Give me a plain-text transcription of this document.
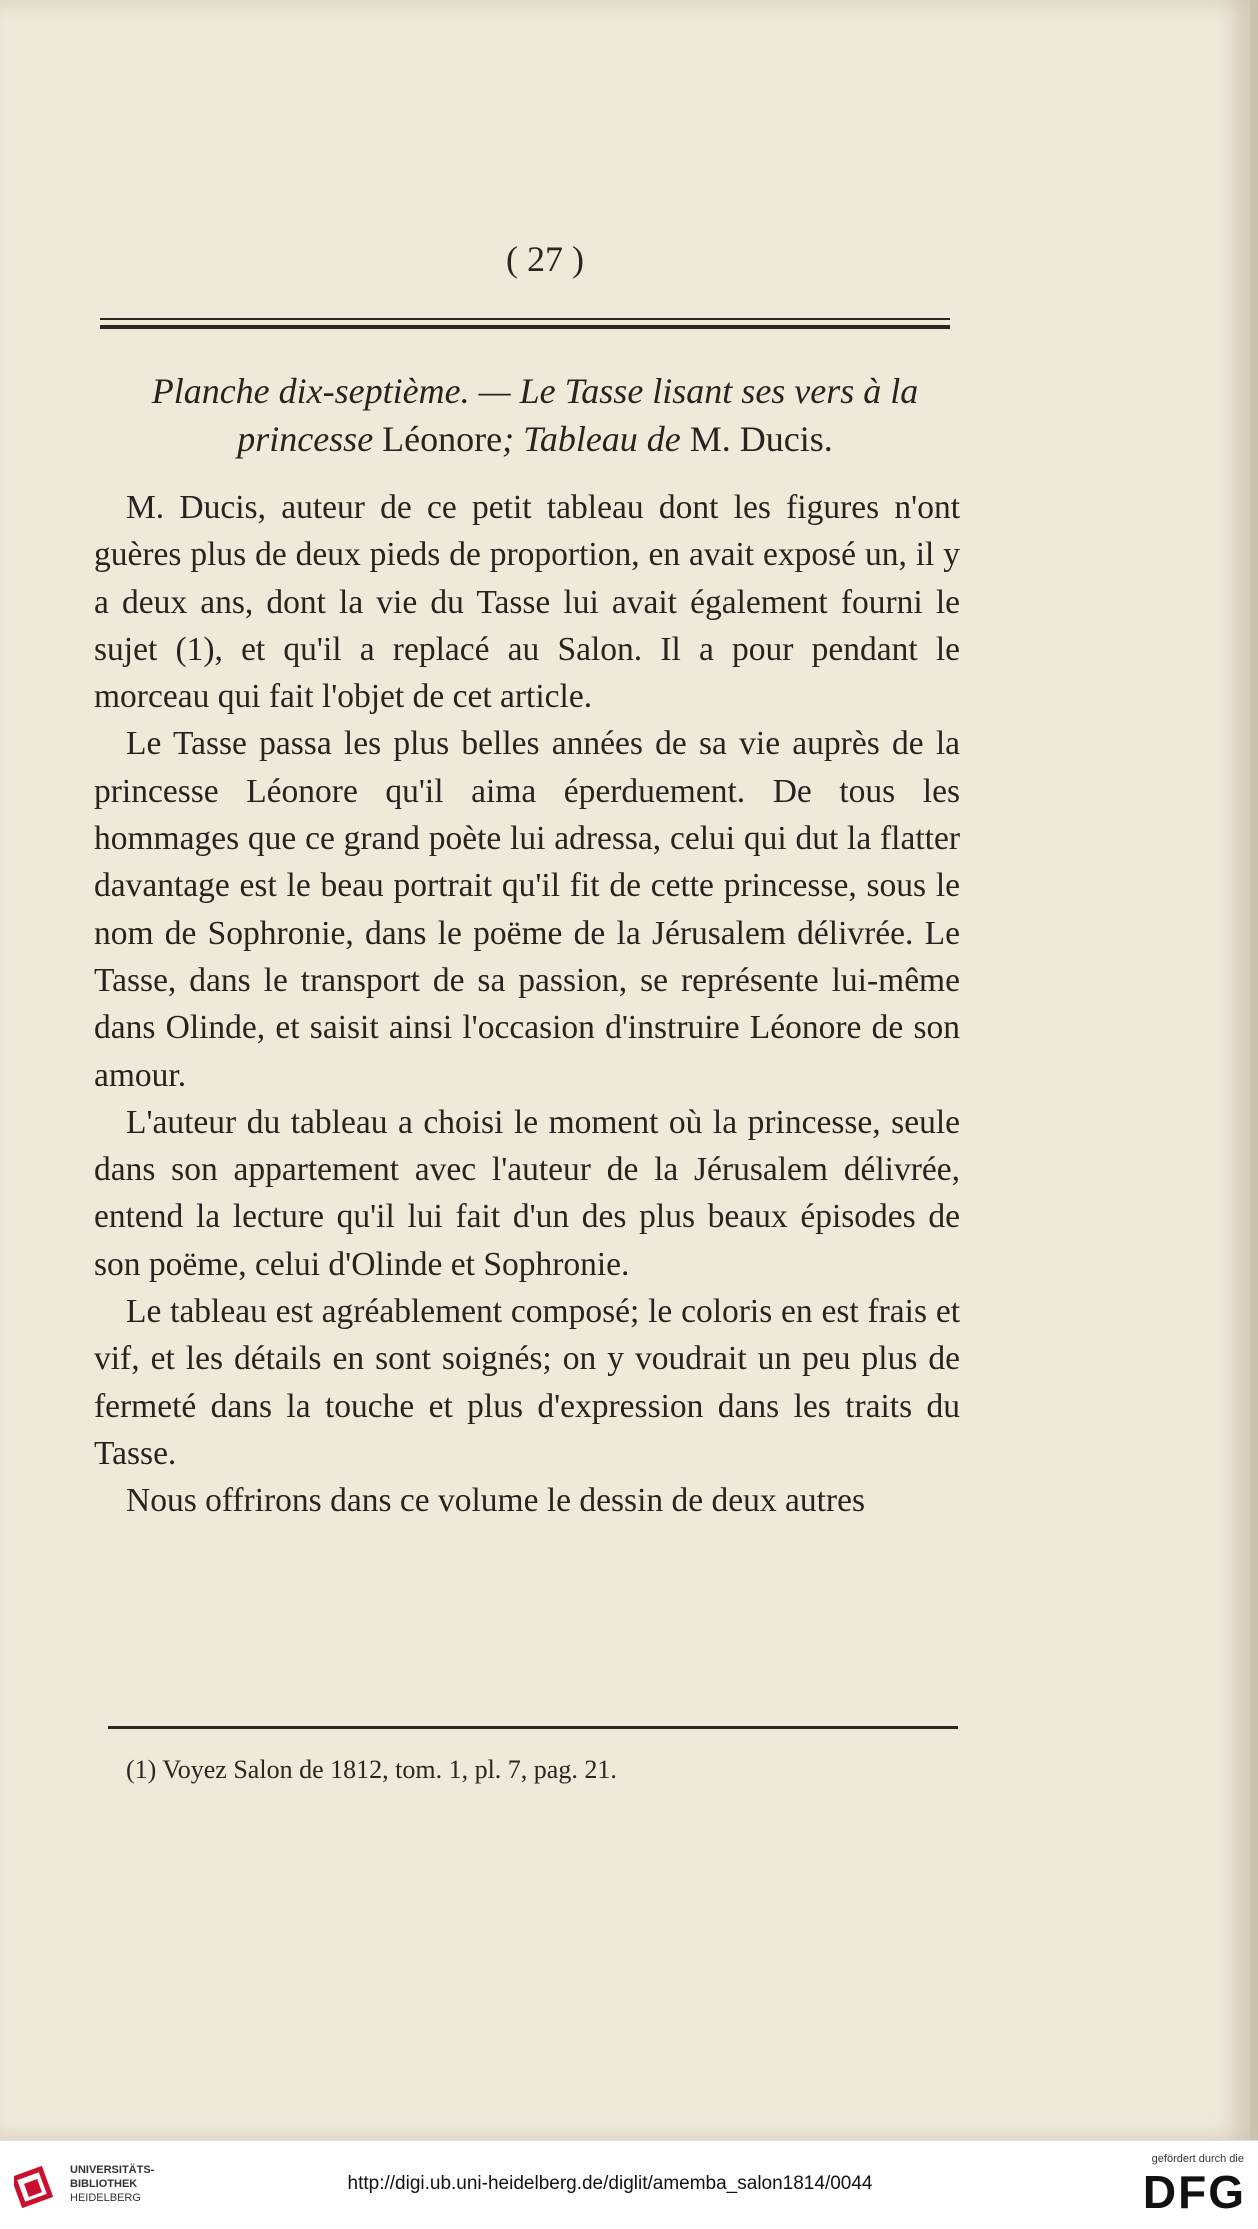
( 27 )
Planche dix-septième. — Le Tasse lisant ses vers à la
princesse Léonore; Tableau de M. Ducis.

M. Ducis, auteur de ce petit tableau dont les figures n'ont guères plus de deux pieds de proportion, en avait exposé un, il y a deux ans, dont la vie du Tasse lui avait également fourni le sujet (1), et qu'il a replacé au Salon. Il a pour pendant le morceau qui fait l'objet de cet article.

Le Tasse passa les plus belles années de sa vie auprès de la princesse Léonore qu'il aima éperduement. De tous les hommages que ce grand poète lui adressa, celui qui dut la flatter davantage est le beau portrait qu'il fit de cette princesse, sous le nom de Sophronie, dans le poëme de la Jérusalem délivrée. Le Tasse, dans le transport de sa passion, se représente lui-même dans Olinde, et saisit ainsi l'occasion d'instruire Léonore de son amour.

L'auteur du tableau a choisi le moment où la princesse, seule dans son appartement avec l'auteur de la Jérusalem délivrée, entend la lecture qu'il lui fait d'un des plus beaux épisodes de son poëme, celui d'Olinde et Sophronie.

Le tableau est agréablement composé; le coloris en est frais et vif, et les détails en sont soignés; on y voudrait un peu plus de fermeté dans la touche et plus d'expression dans les traits du Tasse.

Nous offrirons dans ce volume le dessin de deux autres

(1) Voyez Salon de 1812, tom. 1, pl. 7, pag. 21.
UNIVERSITÄTS-
BIBLIOTHEK
HEIDELBERG
http://digi.ub.uni-heidelberg.de/diglit/amemba_salon1814/0044
gefördert durch die
DFG
